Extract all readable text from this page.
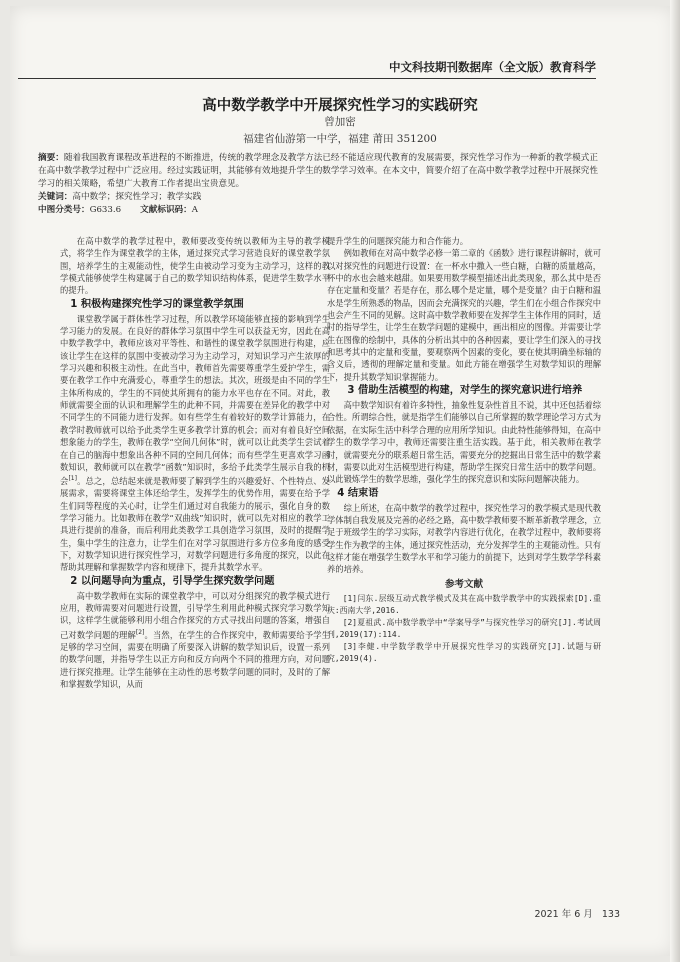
中文科技期刊数据库（全文版）教育科学
高中数学教学中开展探究性学习的实践研究
曾加密
福建省仙游第一中学，福建 莆田 351200
摘要：随着我国教育课程改革进程的不断推进，传统的教学理念及教学方法已经不能适应现代教育的发展需要，探究性学习作为一种新的教学模式正在高中数学教学过程中广泛应用。经过实践证明，其能够有效地提升学生的数学学习效率。在本文中，简要介绍了在高中数学教学过程中开展探究性学习的相关策略，希望广大教育工作者提出宝贵意见。
关键词：高中数学；探究性学习；教学实践
中图分类号：G633.6 文献标识码：A

在高中数学的教学过程中，教师要改变传统以教师为主导的教学模式，将学生作为课堂教学的主体，通过探究式学习营造良好的课堂教学氛围，培养学生的主观能动性，使学生由被动学习变为主动学习，这样的教学模式能够使学生构建属于自己的数学知识结构体系，促进学生数学水平的提升。

1 积极构建探究性学习的课堂教学氛围

课堂教学属于群体性学习过程，所以教学环境能够直接的影响到学生学习能力的发展。在良好的群体学习氛围中学生可以获益无穷，因此在高中数学教学中，教师应该对平等性、和谐性的课堂教学氛围进行构建，应该让学生在这样的氛围中变被动学习为主动学习，对知识学习产生浓厚的学习兴趣和积极主动性。在此当中，教师首先需要尊重学生爱护学生，需要在教学工作中充满爱心，尊重学生的想法。其次，班级是由不同的学生主体所构成的，学生的不同使其所拥有的能力水平也存在不同。对此，教师就需要全面的认识和理解学生的此种不同，并需要在差异化的教学中对不同学生的不同能力进行发挥。如有些学生有着较好的数学计算能力，在教学时教师就可以给予此类学生更多教学计算的机会；而对有着良好空间想象能力的学生，教师在教学“空间几何体”时，就可以让此类学生尝试着在自己的脑海中想象出各种不同的空间几何体；而有些学生更喜欢学习函数知识，教师就可以在教学“函数”知识时，多给予此类学生展示自我的机会[1]。总之，总结起来就是教师要了解到学生的兴趣爱好、个性特点、发展需求，需要将课堂主体还给学生，发挥学生的优势作用，需要在给予学生们同等程度的关心时，让学生们通过对自我能力的展示，强化自身的数学学习能力。比如教师在教学“双曲线”知识时，就可以先对相应的教学工具进行提前的准备，而后利用此类教学工具创造学习氛围，及时的提醒学生，集中学生的注意力，让学生们在对学习氛围进行多方位多角度的感受下，对数学知识进行探究性学习，对数学问题进行多角度的探究，以此在帮助其理解和掌握数学内容和规律下，提升其数学水平。

2 以问题导向为重点，引导学生探究数学问题

高中数学教师在实际的课堂教学中，可以对分组探究的教学模式进行应用，教师需要对问题进行设置，引导学生利用此种模式探究学习数学知识，这样学生就能够利用小组合作探究的方式寻找出问题的答案，增强自己对数学问题的理解[2]。当然，在学生的合作探究中，教师需要给予学生足够的学习空间，需要在明确了所要深入讲解的数学知识后，设置一系列的数学问题，并指导学生以正方向和反方向两个不同的推理方向，对问题进行探究推理。让学生能够在主动性的思考数学问题的同时，及时的了解和掌握数学知识，从而

提升学生的问题探究能力和合作能力。

例如教师在对高中数学必修一第二章的《函数》进行课程讲解时，就可以对探究性的问题进行设置：在一杯水中撒入一些白糖，白糖的质量越高，杯中的水也会越来越甜。如果要用数学模型描述出此类现象，那么其中是否存在定量和变量？若是存在，那么哪个是定量，哪个是变量？由于白糖和温水是学生所熟悉的物品，因而会充满探究的兴趣，学生们在小组合作探究中也会产生不同的见解。这时高中数学教师要在发挥学生主体作用的同时，适时的指导学生，让学生在数学问题的建模中，画出相应的图像。并需要让学生在图像的绘制中，具体的分析出其中的各种因素，要让学生们深入的寻找和思考其中的定量和变量，要观察两个因素的变化，要在使其明确坐标轴的含义后，透彻的理解定量和变量。如此方能在增强学生对数学知识的理解下，提升其数学知识掌握能力。

3 借助生活模型的构建，对学生的探究意识进行培养

高中数学知识有着许多特性，抽象性复杂性首且不说，其中还包括着综合性。所谓综合性，就是指学生们能够以自己所掌握的数学理论学习方式为依据，在实际生活中科学合理的应用所学知识。由此特性能够得知，在高中学生的数学学习中，教师还需要注重生活实践。基于此，相关教师在教学时，就需要充分的联系超日常生活，需要充分的挖掘出日常生活中的数学素材，需要以此对生活模型进行构建，帮助学生探究日常生活中的数学问题。以此锻炼学生的数学思维，强化学生的探究意识和实际问题解决能力。

4 结束语

综上所述，在高中数学的教学过程中，探究性学习的教学模式是现代教学体制自我发展及完善的必经之路，高中数学教师要不断革新教学理念，立足于班级学生的学习实际，对教学内容进行优化，在教学过程中，教师要将学生作为教学的主体，通过探究性活动，充分发挥学生的主观能动性。只有这样才能在增强学生数学水平和学习能力的前提下，达到对学生数学学科素养的培养。

参考文献

[1]闫东.层级互动式教学模式及其在高中数学教学中的实践探索[D].重庆:西南大学,2016.

[2]夏祖武.高中数学教学中“学案导学”与探究性学习的研究[J].考试周刊,2019(17):114.

[3]李健.中学数学教学中开展探究性学习的实践研究[J].试题与研究,2019(4).

2021 年 6 月 133
